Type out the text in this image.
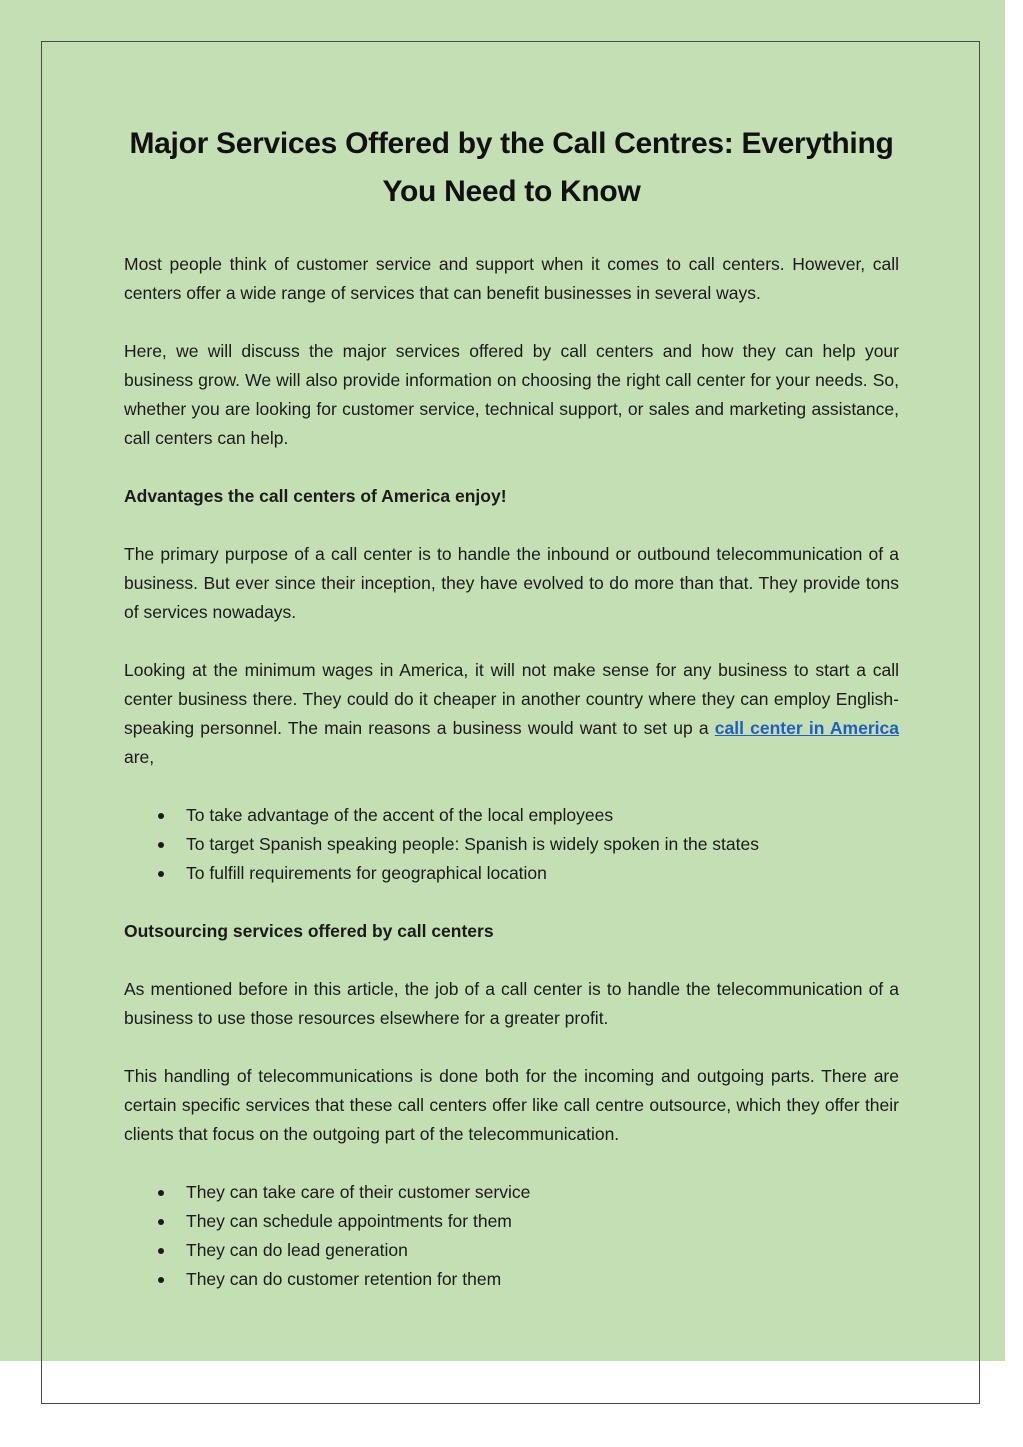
Major Services Offered by the Call Centres: Everything You Need to Know

Most people think of customer service and support when it comes to call centers. However, call centers offer a wide range of services that can benefit businesses in several ways.

Here, we will discuss the major services offered by call centers and how they can help your business grow. We will also provide information on choosing the right call center for your needs. So, whether you are looking for customer service, technical support, or sales and marketing assistance, call centers can help.

Advantages the call centers of America enjoy!

The primary purpose of a call center is to handle the inbound or outbound telecommunication of a business. But ever since their inception, they have evolved to do more than that. They provide tons of services nowadays.

Looking at the minimum wages in America, it will not make sense for any business to start a call center business there. They could do it cheaper in another country where they can employ English-speaking personnel. The main reasons a business would want to set up a call center in America are,

To take advantage of the accent of the local employees
To target Spanish speaking people: Spanish is widely spoken in the states
To fulfill requirements for geographical location

Outsourcing services offered by call centers

As mentioned before in this article, the job of a call center is to handle the telecommunication of a business to use those resources elsewhere for a greater profit.

This handling of telecommunications is done both for the incoming and outgoing parts. There are certain specific services that these call centers offer like call centre outsource, which they offer their clients that focus on the outgoing part of the telecommunication.

They can take care of their customer service
They can schedule appointments for them
They can do lead generation
They can do customer retention for them
